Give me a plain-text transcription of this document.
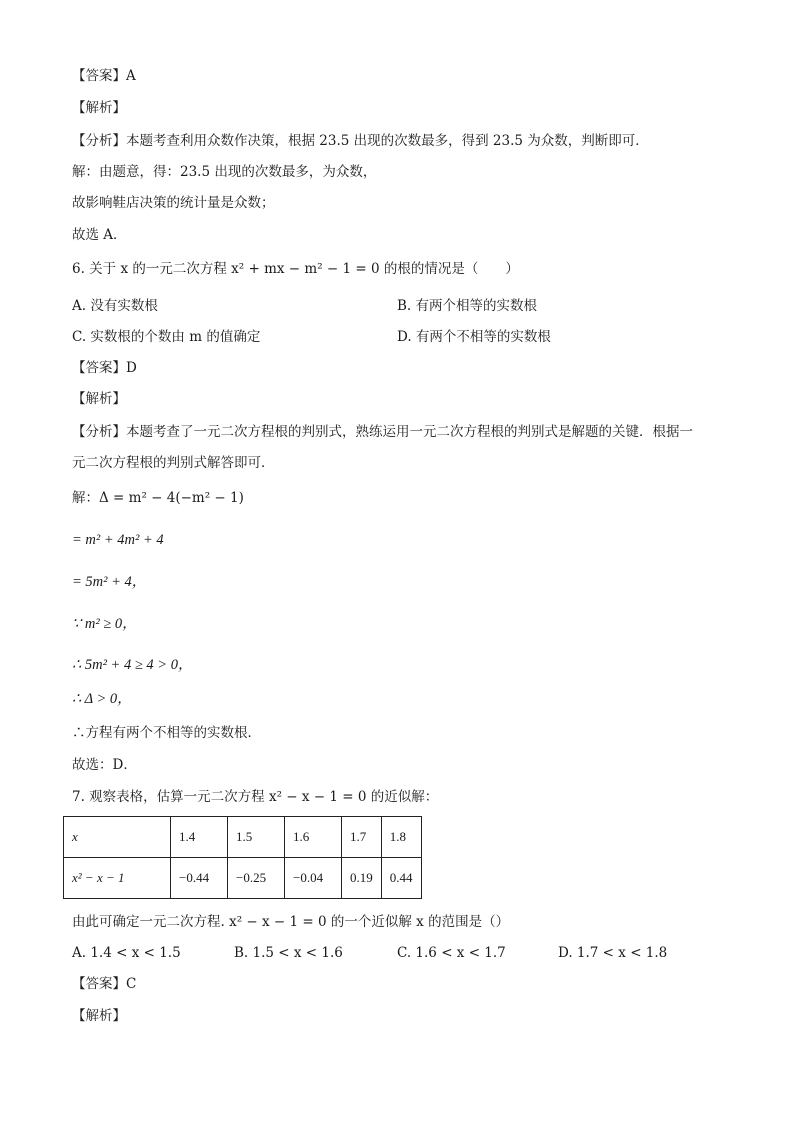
【答案】A
【解析】
【分析】本题考查利用众数作决策，根据 23.5 出现的次数最多，得到 23.5 为众数，判断即可．
解：由题意，得：23.5 出现的次数最多，为众数，
故影响鞋店决策的统计量是众数；
故选 A．
6. 关于 x 的一元二次方程 x² + mx − m² − 1 = 0 的根的情况是（　　）
A. 没有实数根	B. 有两个相等的实数根
C. 实数根的个数由 m 的值确定	D. 有两个不相等的实数根
【答案】D
【解析】
【分析】本题考查了一元二次方程根的判别式，熟练运用一元二次方程根的判别式是解题的关键．根据一
元二次方程根的判别式解答即可．
解：Δ = m² − 4(−m² − 1)
= m² + 4m² + 4
= 5m² + 4，
∵ m² ≥ 0，
∴ 5m² + 4 ≥ 4 > 0，
∴ Δ > 0，
∴方程有两个不相等的实数根．
故选：D．
7. 观察表格，估算一元二次方程 x² − x − 1 = 0 的近似解：
x	1.4	1.5	1.6	1.7	1.8
x² − x − 1	−0.44	−0.25	−0.04	0.19	0.44
由此可确定一元二次方程. x² − x − 1 = 0 的一个近似解 x 的范围是（）
A. 1.4 < x < 1.5	B. 1.5 < x < 1.6	C. 1.6 < x < 1.7	D. 1.7 < x < 1.8
【答案】C
【解析】
